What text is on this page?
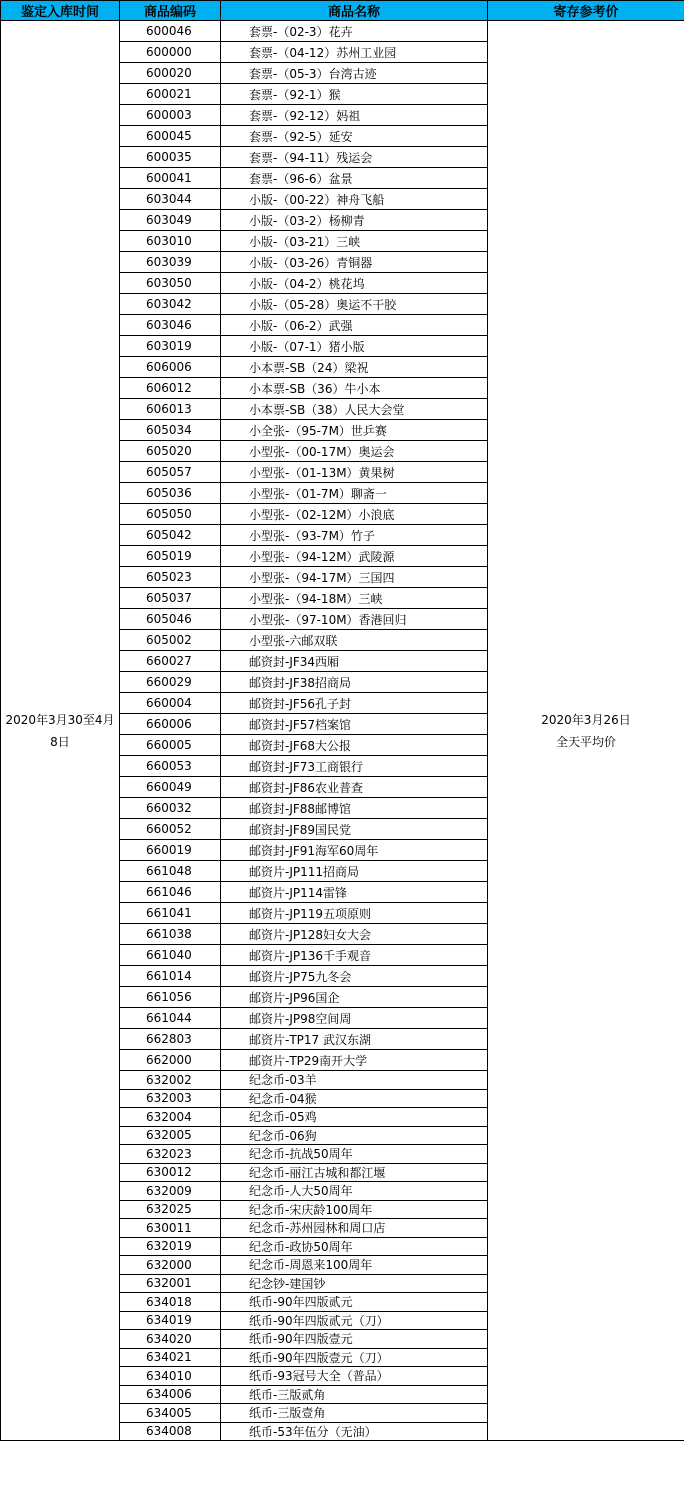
鉴定入库时间	商品编码	商品名称	寄存参考价
2020年3月30至4月8日	600046	套票-（02-3）花卉	2020年3月26日
全天平均价

	600000	套票-（04-12）苏州工业园	
	600020	套票-（05-3）台湾古迹	
	600021	套票-（92-1）猴	
	600003	套票-（92-12）妈祖	
	600045	套票-（92-5）延安	
	600035	套票-（94-11）残运会	
	600041	套票-（96-6）盆景	
	603044	小版-（00-22）神舟飞船	
	603049	小版-（03-2）杨柳青	
	603010	小版-（03-21）三峡	
	603039	小版-（03-26）青铜器	
	603050	小版-（04-2）桃花坞	
	603042	小版-（05-28）奥运不干胶	
	603046	小版-（06-2）武强	
	603019	小版-（07-1）猪小版	
	606006	小本票-SB（24）梁祝	
	606012	小本票-SB（36）牛小本	
	606013	小本票-SB（38）人民大会堂	
	605034	小全张-（95-7M）世乒赛	
	605020	小型张-（00-17M）奥运会	
	605057	小型张-（01-13M）黄果树	
	605036	小型张-（01-7M）聊斋一	
	605050	小型张-（02-12M）小浪底	
	605042	小型张-（93-7M）竹子	
	605019	小型张-（94-12M）武陵源	
	605023	小型张-（94-17M）三国四	
	605037	小型张-（94-18M）三峡	
	605046	小型张-（97-10M）香港回归	
	605002	小型张-六邮双联	
	660027	邮资封-JF34西厢	
	660029	邮资封-JF38招商局	
	660004	邮资封-JF56孔子封	
	660006	邮资封-JF57档案馆	
	660005	邮资封-JF68大公报	
	660053	邮资封-JF73工商银行	
	660049	邮资封-JF86农业普查	
	660032	邮资封-JF88邮博馆	
	660052	邮资封-JF89国民党	
	660019	邮资封-JF91海军60周年	
	661048	邮资片-JP111招商局	
	661046	邮资片-JP114雷锋	
	661041	邮资片-JP119五项原则	
	661038	邮资片-JP128妇女大会	
	661040	邮资片-JP136千手观音	
	661014	邮资片-JP75九冬会	
	661056	邮资片-JP96国企	
	661044	邮资片-JP98空间周	
	662803	邮资片-TP17 武汉东湖	
	662000	邮资片-TP29南开大学	
	632002	纪念币-03羊	
	632003	纪念币-04猴	
	632004	纪念币-05鸡	
	632005	纪念币-06狗	
	632023	纪念币-抗战50周年	
	630012	纪念币-丽江古城和都江堰	
	632009	纪念币-人大50周年	
	632025	纪念币-宋庆龄100周年	
	630011	纪念币-苏州园林和周口店	
	632019	纪念币-政协50周年	
	632000	纪念币-周恩来100周年	
	632001	纪念钞-建国钞	
	634018	纸币-90年四版贰元	
	634019	纸币-90年四版贰元（刀）	
	634020	纸币-90年四版壹元	
	634021	纸币-90年四版壹元（刀）	
	634010	纸币-93冠号大全（普品）	
	634006	纸币-三版贰角	
	634005	纸币-三版壹角	
	634008	纸币-53年伍分（无油）	
